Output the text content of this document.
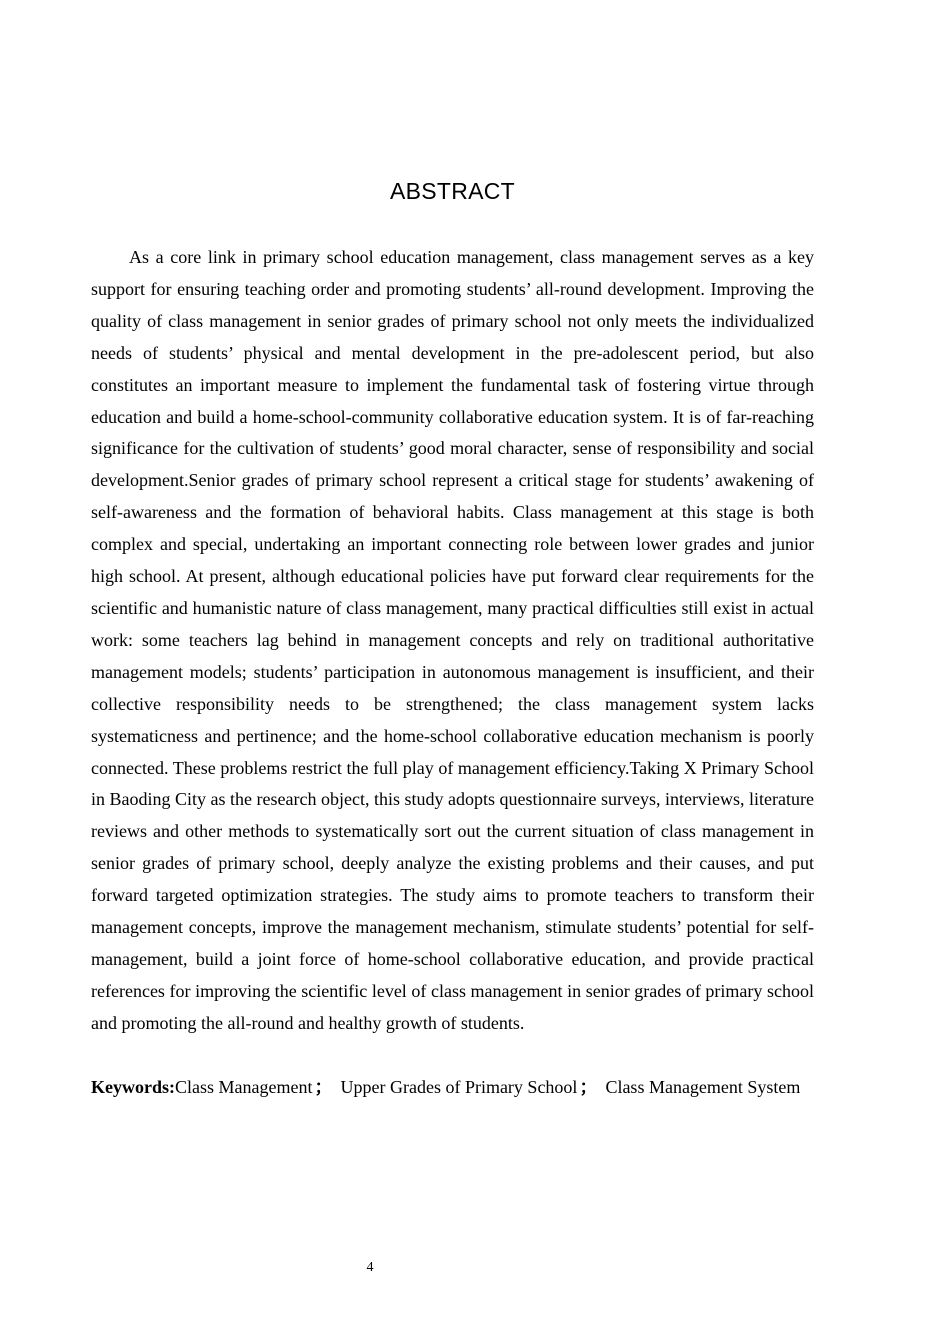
ABSTRACT

As a core link in primary school education management, class management serves as a key support for ensuring teaching order and promoting students’ all-round development. Improving the quality of class management in senior grades of primary school not only meets the individualized needs of students’ physical and mental development in the pre-adolescent period, but also constitutes an important measure to implement the fundamental task of fostering virtue through education and build a home-school-community collaborative education system. It is of far-reaching significance for the cultivation of students’ good moral character, sense of responsibility and social development.Senior grades of primary school represent a critical stage for students’ awakening of self-awareness and the formation of behavioral habits. Class management at this stage is both complex and special, undertaking an important connecting role between lower grades and junior high school. At present, although educational policies have put forward clear requirements for the scientific and humanistic nature of class management, many practical difficulties still exist in actual work: some teachers lag behind in management concepts and rely on traditional authoritative management models; students’ participation in autonomous management is insufficient, and their collective responsibility needs to be strengthened; the class management system lacks systematicness and pertinence; and the home-school collaborative education mechanism is poorly connected. These problems restrict the full play of management efficiency.Taking X Primary School in Baoding City as the research object, this study adopts questionnaire surveys, interviews, literature reviews and other methods to systematically sort out the current situation of class management in senior grades of primary school, deeply analyze the existing problems and their causes, and put forward targeted optimization strategies. The study aims to promote teachers to transform their management concepts, improve the management mechanism, stimulate students’ potential for self-management, build a joint force of home-school collaborative education, and provide practical references for improving the scientific level of class management in senior grades of primary school and promoting the all-round and healthy growth of students.

Keywords:Class Management ； Upper Grades of Primary School ； Class Management System

4
